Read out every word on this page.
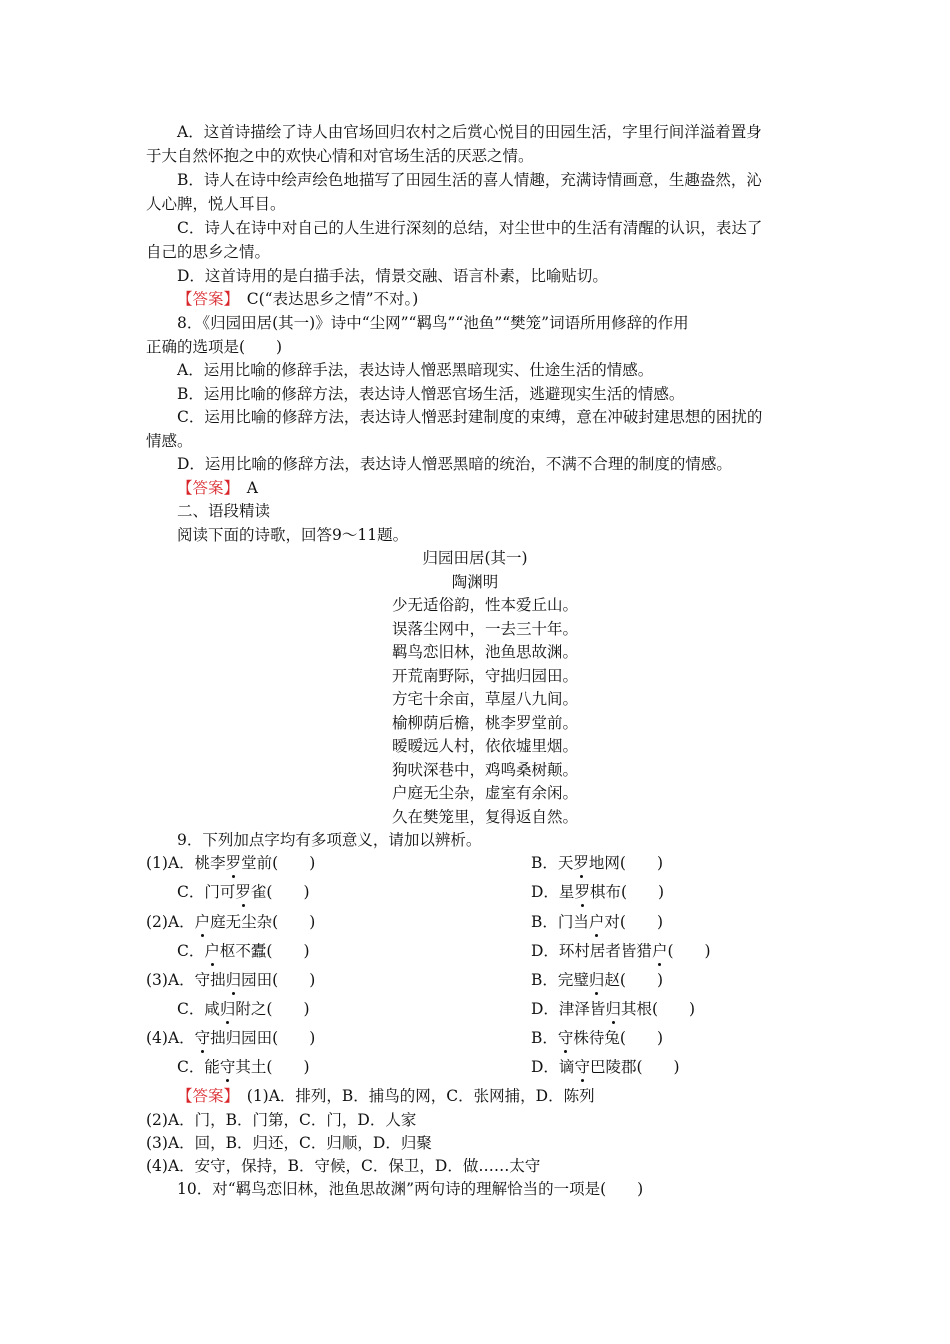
A．这首诗描绘了诗人由官场回归农村之后赏心悦目的田园生活，字里行间洋溢着置身
于大自然怀抱之中的欢快心情和对官场生活的厌恶之情。
B．诗人在诗中绘声绘色地描写了田园生活的喜人情趣，充满诗情画意，生趣盎然，沁
人心脾，悦人耳目。
C．诗人在诗中对自己的人生进行深刻的总结，对尘世中的生活有清醒的认识，表达了
自己的思乡之情。
D．这首诗用的是白描手法，情景交融、语言朴素，比喻贴切。
【答案】　C(“表达思乡之情”不对。)
8．《归园田居(其一)》诗中“尘网”“羁鸟”“池鱼”“樊笼”词语所用修辞的作用
正确的选项是(　　)
A．运用比喻的修辞手法，表达诗人憎恶黑暗现实、仕途生活的情感。
B．运用比喻的修辞方法，表达诗人憎恶官场生活，逃避现实生活的情感。
C．运用比喻的修辞方法，表达诗人憎恶封建制度的束缚，意在冲破封建思想的困扰的
情感。
D．运用比喻的修辞方法，表达诗人憎恶黑暗的统治，不满不合理的制度的情感。
【答案】　A
二、语段精读
阅读下面的诗歌，回答9～11题。
归园田居(其一)
陶渊明
少无适俗韵，性本爱丘山。
误落尘网中，一去三十年。
羁鸟恋旧林，池鱼思故渊。
开荒南野际，守拙归园田。
方宅十余亩，草屋八九间。
榆柳荫后檐，桃李罗堂前。
暧暧远人村，依依墟里烟。
狗吠深巷中，鸡鸣桑树颠。
户庭无尘杂，虚室有余闲。
久在樊笼里，复得返自然。
9．下列加点字均有多项意义，请加以辨析。
(1)A．桃李罗堂前(　　)	B．天罗地网(　　)
C．门可罗雀(　　)	D．星罗棋布(　　)
(2)A．户庭无尘杂(　　)	B．门当户对(　　)
C．户枢不蠹(　　)	D．环村居者皆猎户(　　)
(3)A．守拙归园田(　　)	B．完璧归赵(　　)
C．咸归附之(　　)	D．津泽皆归其根(　　)
(4)A．守拙归园田(　　)	B．守株待兔(　　)
C．能守其土(　　)	D．谪守巴陵郡(　　)
【答案】　(1)A．排列，B．捕鸟的网，C．张网捕，D．陈列
(2)A．门，B．门第，C．门，D．人家
(3)A．回，B．归还，C．归顺，D．归聚
(4)A．安守，保持，B．守候，C．保卫，D．做……太守
10．对“羁鸟恋旧林，池鱼思故渊”两句诗的理解恰当的一项是(　　)
